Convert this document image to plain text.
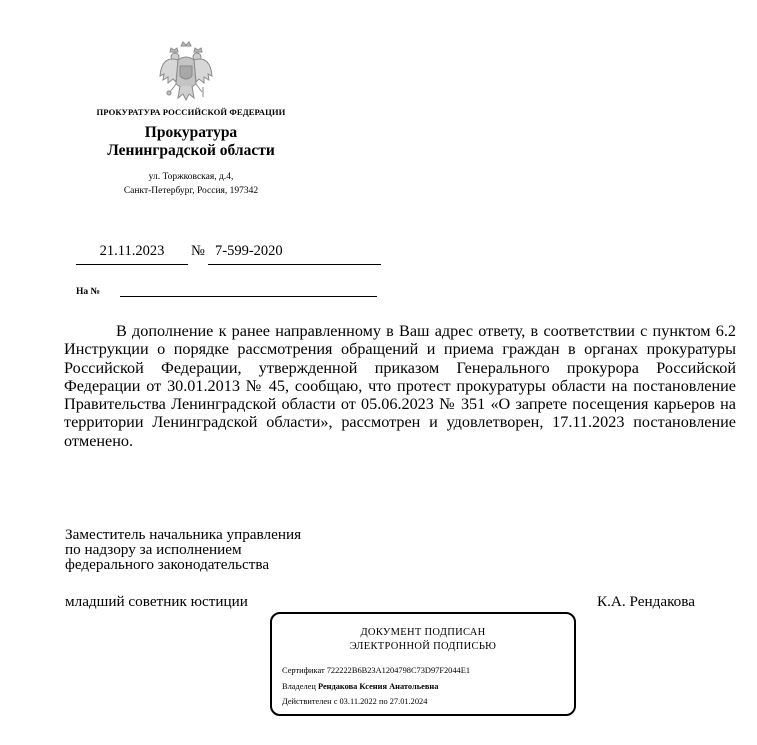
ПРОКУРАТУРА РОССИЙСКОЙ ФЕДЕРАЦИИ
Прокуратура
Ленинградской области
ул. Торжковская, д.4,
Санкт-Петербург, Россия, 197342
21.11.2023	№ 7-599-2020
На №

В дополнение к ранее направленному в Ваш адрес ответу, в соответствии с пунктом 6.2 Инструкции о порядке рассмотрения обращений и приема граждан в органах прокуратуры Российской Федерации, утвержденной приказом Генерального прокурора Российской Федерации от 30.01.2013 № 45, сообщаю, что протест прокуратуры области на постановление Правительства Ленинградской области от 05.06.2023 № 351 «О запрете посещения карьеров на территории Ленинградской области», рассмотрен и удовлетворен, 17.11.2023 постановление отменено.

Заместитель начальника управления
по надзору за исполнением
федерального законодательства
младший советник юстиции	К.А. Рендакова
ДОКУМЕНТ ПОДПИСАН
ЭЛЕКТРОННОЙ ПОДПИСЬЮ
Сертификат 722222B6B23A1204798C73D97F2044E1
Владелец Рендакова Ксения Анатольевна
Действителен с 03.11.2022 по 27.01.2024
